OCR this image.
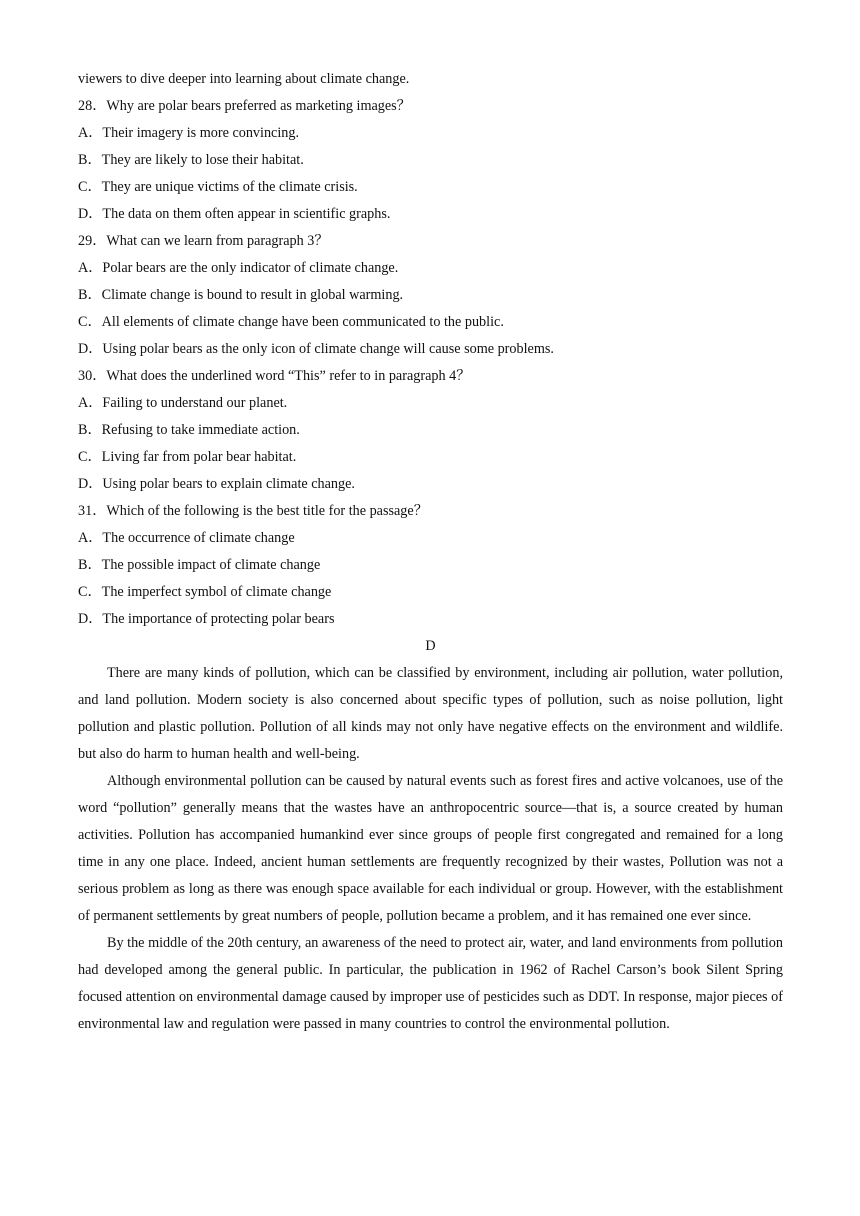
viewers to dive deeper into learning about climate change.
28．Why are polar bears preferred as marketing images？
A．Their imagery is more convincing.
B．They are likely to lose their habitat.
C．They are unique victims of the climate crisis.
D．The data on them often appear in scientific graphs.
29．What can we learn from paragraph 3？
A．Polar bears are the only indicator of climate change.
B．Climate change is bound to result in global warming.
C．All elements of climate change have been communicated to the public.
D．Using polar bears as the only icon of climate change will cause some problems.
30．What does the underlined word “This” refer to in paragraph 4？
A．Failing to understand our planet.
B．Refusing to take immediate action.
C．Living far from polar bear habitat.
D．Using polar bears to explain climate change.
31．Which of the following is the best title for the passage？
A．The occurrence of climate change
B．The possible impact of climate change
C．The imperfect symbol of climate change
D．The importance of protecting polar bears
D

There are many kinds of pollution, which can be classified by environment, including air pollution, water pollution, and land pollution. Modern society is also concerned about specific types of pollution, such as noise pollution, light pollution and plastic pollution. Pollution of all kinds may not only have negative effects on the environment and wildlife. but also do harm to human health and well-being.

Although environmental pollution can be caused by natural events such as forest fires and active volcanoes, use of the word “pollution” generally means that the wastes have an anthropocentric source—that is, a source created by human activities. Pollution has accompanied humankind ever since groups of people first congregated and remained for a long time in any one place. Indeed, ancient human settlements are frequently recognized by their wastes, Pollution was not a serious problem as long as there was enough space available for each individual or group. However, with the establishment of permanent settlements by great numbers of people, pollution became a problem, and it has remained one ever since.

By the middle of the 20th century, an awareness of the need to protect air, water, and land environments from pollution had developed among the general public. In particular, the publication in 1962 of Rachel Carson’s book Silent Spring focused attention on environmental damage caused by improper use of pesticides such as DDT. In response, major pieces of environmental law and regulation were passed in many countries to control the environmental pollution.
